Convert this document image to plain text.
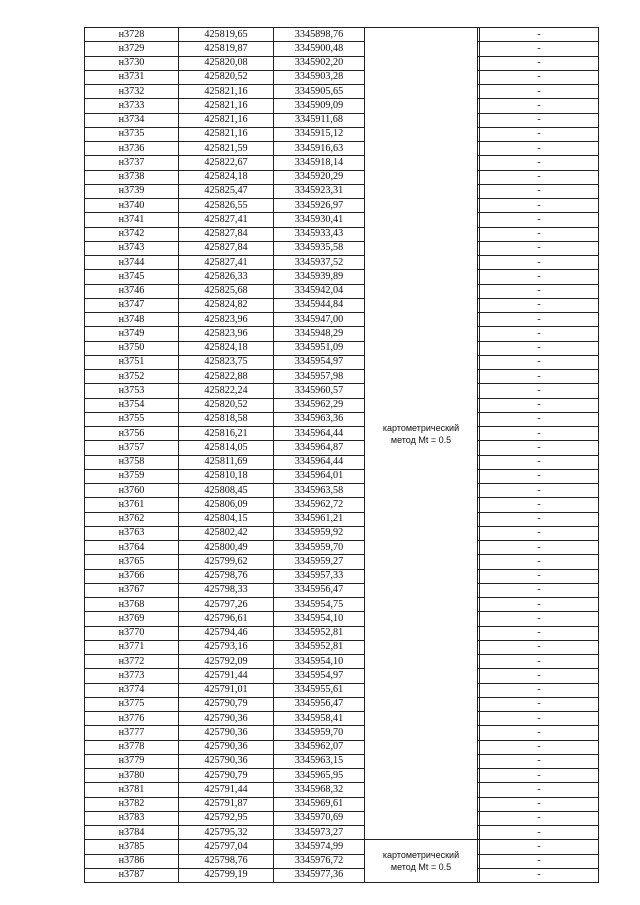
н3728	425819,65	3345898,76	картометрический
метод Mt = 0.5		-
н3729	425819,87	3345900,48			-
н3730	425820,08	3345902,20			-
н3731	425820,52	3345903,28			-
н3732	425821,16	3345905,65			-
н3733	425821,16	3345909,09			-
н3734	425821,16	3345911,68			-
н3735	425821,16	3345915,12			-
н3736	425821,59	3345916,63			-
н3737	425822,67	3345918,14			-
н3738	425824,18	3345920,29			-
н3739	425825,47	3345923,31			-
н3740	425826,55	3345926,97			-
н3741	425827,41	3345930,41			-
н3742	425827,84	3345933,43			-
н3743	425827,84	3345935,58			-
н3744	425827,41	3345937,52			-
н3745	425826,33	3345939,89			-
н3746	425825,68	3345942,04			-
н3747	425824,82	3345944,84			-
н3748	425823,96	3345947,00			-
н3749	425823,96	3345948,29			-
н3750	425824,18	3345951,09			-
н3751	425823,75	3345954,97			-
н3752	425822,88	3345957,98			-
н3753	425822,24	3345960,57			-
н3754	425820,52	3345962,29			-
н3755	425818,58	3345963,36			-
н3756	425816,21	3345964,44			-
н3757	425814,05	3345964,87			-
н3758	425811,69	3345964,44			-
н3759	425810,18	3345964,01			-
н3760	425808,45	3345963,58			-
н3761	425806,09	3345962,72			-
н3762	425804,15	3345961,21			-
н3763	425802,42	3345959,92			-
н3764	425800,49	3345959,70			-
н3765	425799,62	3345959,27			-
н3766	425798,76	3345957,33			-
н3767	425798,33	3345956,47			-
н3768	425797,26	3345954,75			-
н3769	425796,61	3345954,10			-
н3770	425794,46	3345952,81			-
н3771	425793,16	3345952,81			-
н3772	425792,09	3345954,10			-
н3773	425791,44	3345954,97			-
н3774	425791,01	3345955,61			-
н3775	425790,79	3345956,47			-
н3776	425790,36	3345958,41			-
н3777	425790,36	3345959,70			-
н3778	425790,36	3345962,07			-
н3779	425790,36	3345963,15			-
н3780	425790,79	3345965,95			-
н3781	425791,44	3345968,32			-
н3782	425791,87	3345969,61			-
н3783	425792,95	3345970,69			-
н3784	425795,32	3345973,27			-
н3785	425797,04	3345974,99	картометрический
метод Mt = 0.5		-
н3786	425798,76	3345976,72			-
н3787	425799,19	3345977,36			-
